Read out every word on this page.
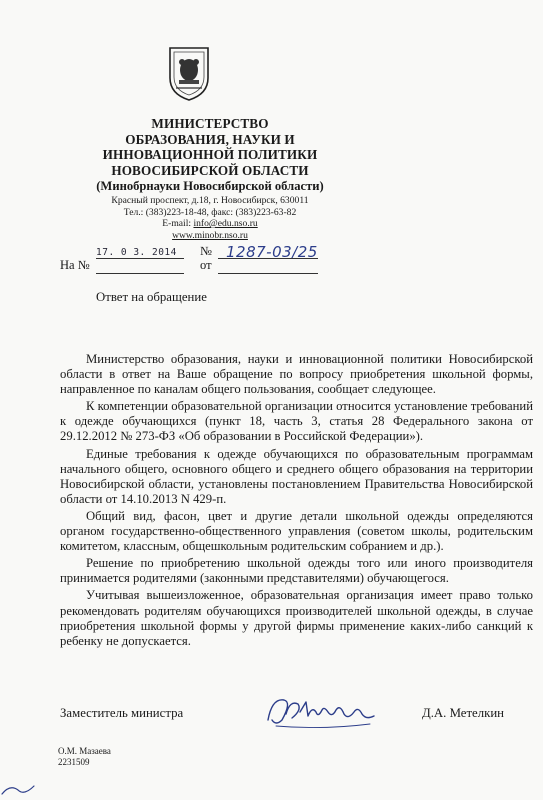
МИНИСТЕРСТВО
ОБРАЗОВАНИЯ, НАУКИ И
ИННОВАЦИОННОЙ ПОЛИТИКИ
НОВОСИБИРСКОЙ ОБЛАСТИ
(Минобрнауки Новосибирской области)
Красный проспект, д.18, г. Новосибирск, 630011
Тел.: (383)223-18-48, факс: (383)223-63-82
E-mail: info@edu.nso.ru
www.minobr.nso.ru
17. 0 3. 2014 № 1287-03/25
На №	от
Ответ на обращение

Министерство образования, науки и инновационной политики Новосибирской области в ответ на Ваше обращение по вопросу приобретения школьной формы, направленное по каналам общего пользования, сообщает следующее.

К компетенции образовательной организации относится установление требований к одежде обучающихся (пункт 18, часть 3, статья 28 Федерального закона от 29.12.2012 № 273-ФЗ «Об образовании в Российской Федерации»).

Единые требования к одежде обучающихся по образовательным программам начального общего, основного общего и среднего общего образования на территории Новосибирской области, установлены постановлением Правительства Новосибирской области от 14.10.2013 N 429-п.

Общий вид, фасон, цвет и другие детали школьной одежды определяются органом государственно-общественного управления (советом школы, родительским комитетом, классным, общешкольным родительским собранием и др.).

Решение по приобретению школьной одежды того или иного производителя принимается родителями (законными представителями) обучающегося.

Учитывая вышеизложенное, образовательная организация имеет право только рекомендовать родителям обучающихся производителей школьной одежды, в случае приобретения школьной формы у другой фирмы применение каких-либо санкций к ребенку не допускается.

Заместитель министра	Д.А. Метелкин
О.М. Мазаева
2231509
